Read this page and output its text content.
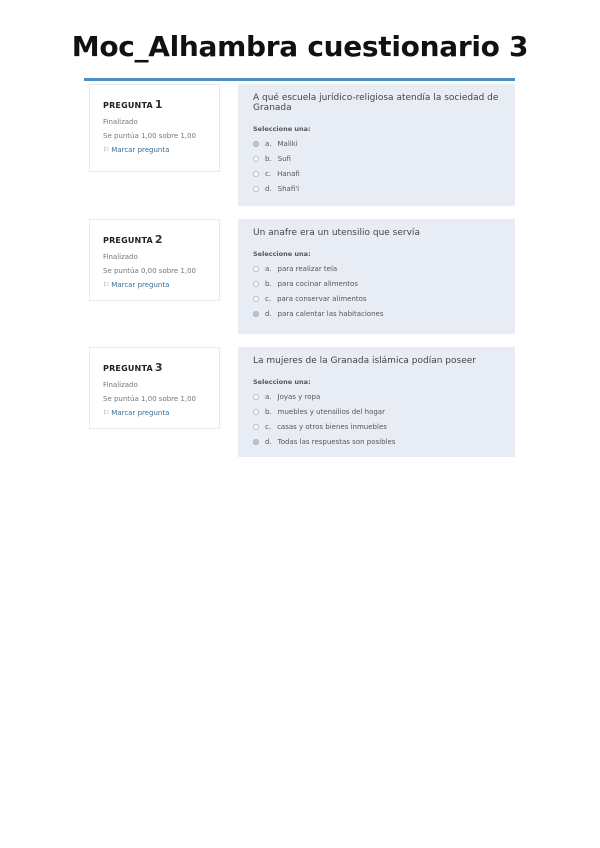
Moc_Alhambra cuestionario 3
PREGUNTA 1
Finalizado
Se puntúa 1,00 sobre 1,00
⚐ Marcar pregunta
A qué escuela jurídico-religiosa atendía la sociedad de Granada
Seleccione una:
a. Maliki
b. Sufi
c. Hanafi
d. Shafi'i
PREGUNTA 2
Finalizado
Se puntúa 0,00 sobre 1,00
⚐ Marcar pregunta
Un anafre era un utensilio que servía
Seleccione una:
a. para realizar tela
b. para cocinar alimentos
c. para conservar alimentos
d. para calentar las habitaciones
PREGUNTA 3
Finalizado
Se puntúa 1,00 sobre 1,00
⚐ Marcar pregunta
La mujeres de la Granada islámica podían poseer
Seleccione una:
a. Joyas y ropa
b. muebles y utensilios del hogar
c. casas y otros bienes inmuebles
d. Todas las respuestas son posibles
